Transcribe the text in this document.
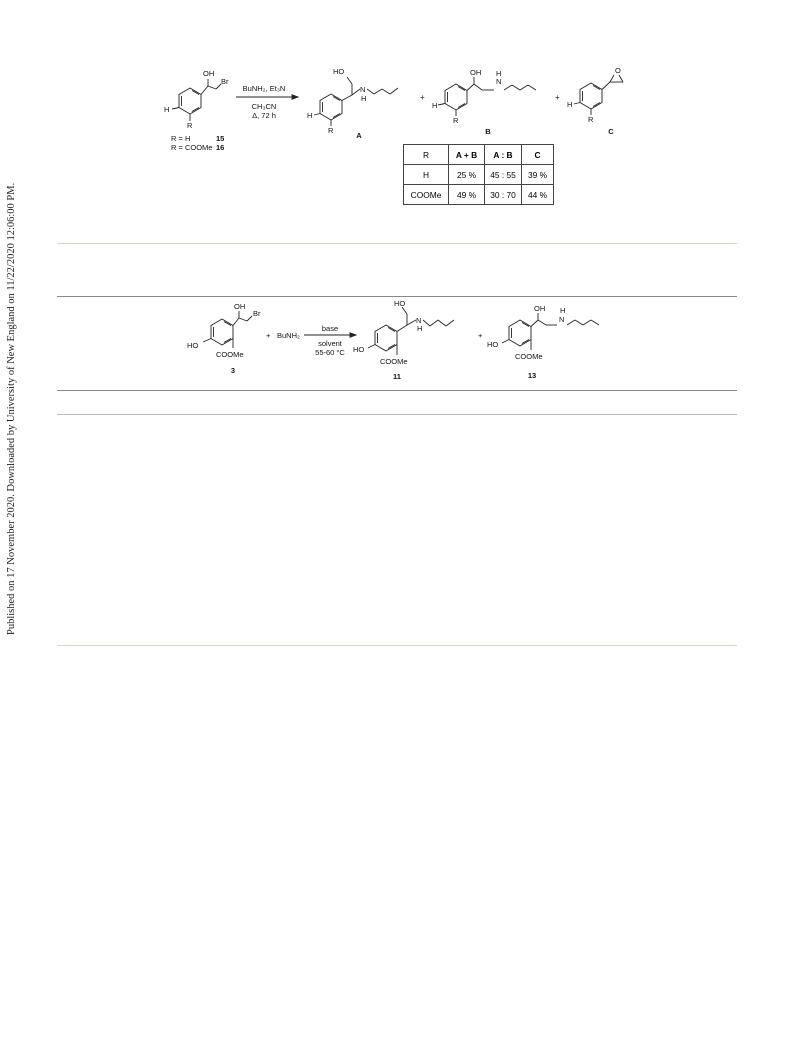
Published on 17 November 2020. Downloaded by University of New England on 11/22/2020 12:06:00 PM.
OH
Br
H
R
BuNH₂, Et₃N
CH₃CN
Δ, 72 h
R = H	15
R = COOMe 16
HO
N
H
H
R
A
+
OH H
N
H
R
B
+
O
H
R
C
R	A + B	A : B	C
H	25 %	45 : 55	39 %
COOMe	49 %	30 : 70	44 %
OH
Br
HO
COOMe
3
+ BuNH₂
base
solvent
55-60 °C
HO
N
H
HO
COOMe
11
+
OH H
N
HO
COOMe
13
